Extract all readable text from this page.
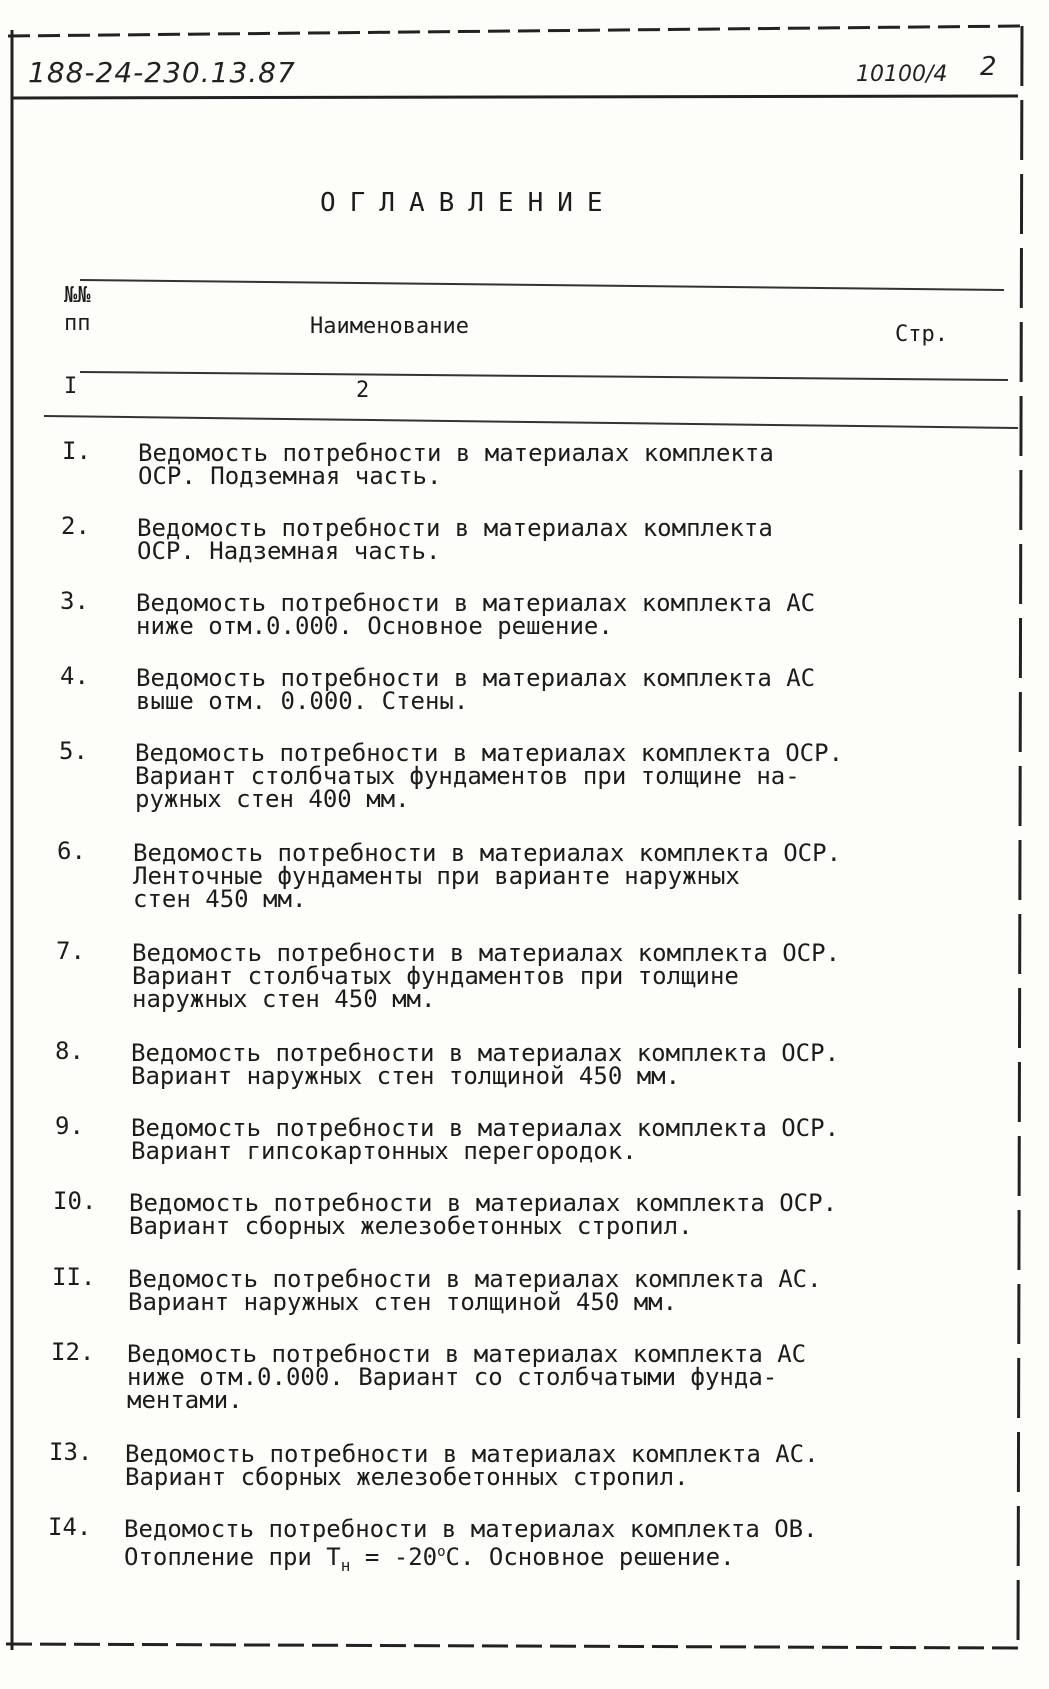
188-24-230.13.87	10100/4 2
ОГЛАВЛЕНИЕ
№№
пп	Наименование	Стр.
I	2
I.	Ведомость потребности в материалах комплекта
ОСР. Подземная часть.
2.	Ведомость потребности в материалах комплекта
ОСР. Надземная часть.
3.	Ведомость потребности в материалах комплекта АС
ниже отм.0.000. Основное решение.
4.	Ведомость потребности в материалах комплекта АС
выше отм. 0.000. Стены.
5.	Ведомость потребности в материалах комплекта ОСР.
Вариант столбчатых фундаментов при толщине на-
ружных стен 400 мм.
6.	Ведомость потребности в материалах комплекта ОСР.
Ленточные фундаменты при варианте наружных
стен 450 мм.
7.	Ведомость потребности в материалах комплекта ОСР.
Вариант столбчатых фундаментов при толщине
наружных стен 450 мм.
8.	Ведомость потребности в материалах комплекта ОСР.
Вариант наружных стен толщиной 450 мм.
9.	Ведомость потребности в материалах комплекта ОСР.
Вариант гипсокартонных перегородок.
I0.	Ведомость потребности в материалах комплекта ОСР.
Вариант сборных железобетонных стропил.
II.	Ведомость потребности в материалах комплекта АС.
Вариант наружных стен толщиной 450 мм.
I2.	Ведомость потребности в материалах комплекта АС
ниже отм.0.000. Вариант со столбчатыми фунда-
ментами.
I3.	Ведомость потребности в материалах комплекта АС.
Вариант сборных железобетонных стропил.
I4.	Ведомость потребности в материалах комплекта ОВ.
Отопление при $Т_н = -20^оС$. Основное решение.
